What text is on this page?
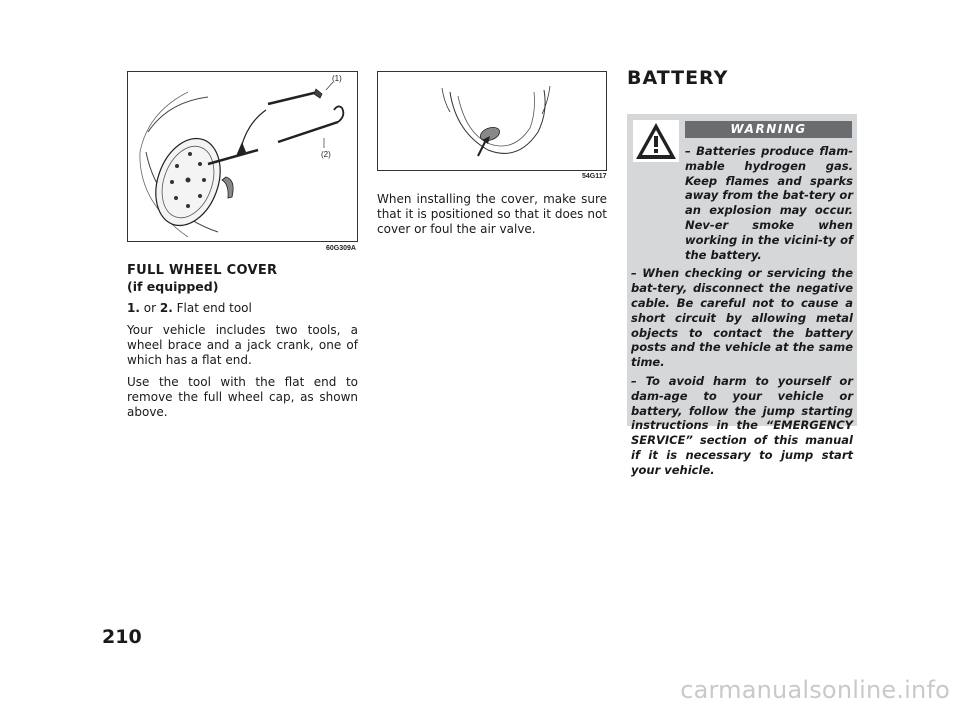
(1)
(2)
60G309A
54G117
FULL WHEEL COVER
(if equipped)

1. or 2. Flat end tool

Your vehicle includes two tools, a wheel brace and a jack crank, one of which has a flat end.

Use the tool with the flat end to remove the full wheel cap, as shown above.

When installing the cover, make sure that it is positioned so that it does not cover or foul the air valve.

BATTERY
WARNING

– Batteries produce flam-mable hydrogen gas. Keep flames and sparks away from the bat-tery or an explosion may occur. Nev-er smoke when working in the vicini-ty of the battery.

– When checking or servicing the bat-tery, disconnect the negative cable. Be careful not to cause a short circuit by allowing metal objects to contact the battery posts and the vehicle at the same time.

– To avoid harm to yourself or dam-age to your vehicle or battery, follow the jump starting instructions in the “EMERGENCY SERVICE” section of this manual if it is necessary to jump start your vehicle.

210
carmanualsonline.info
